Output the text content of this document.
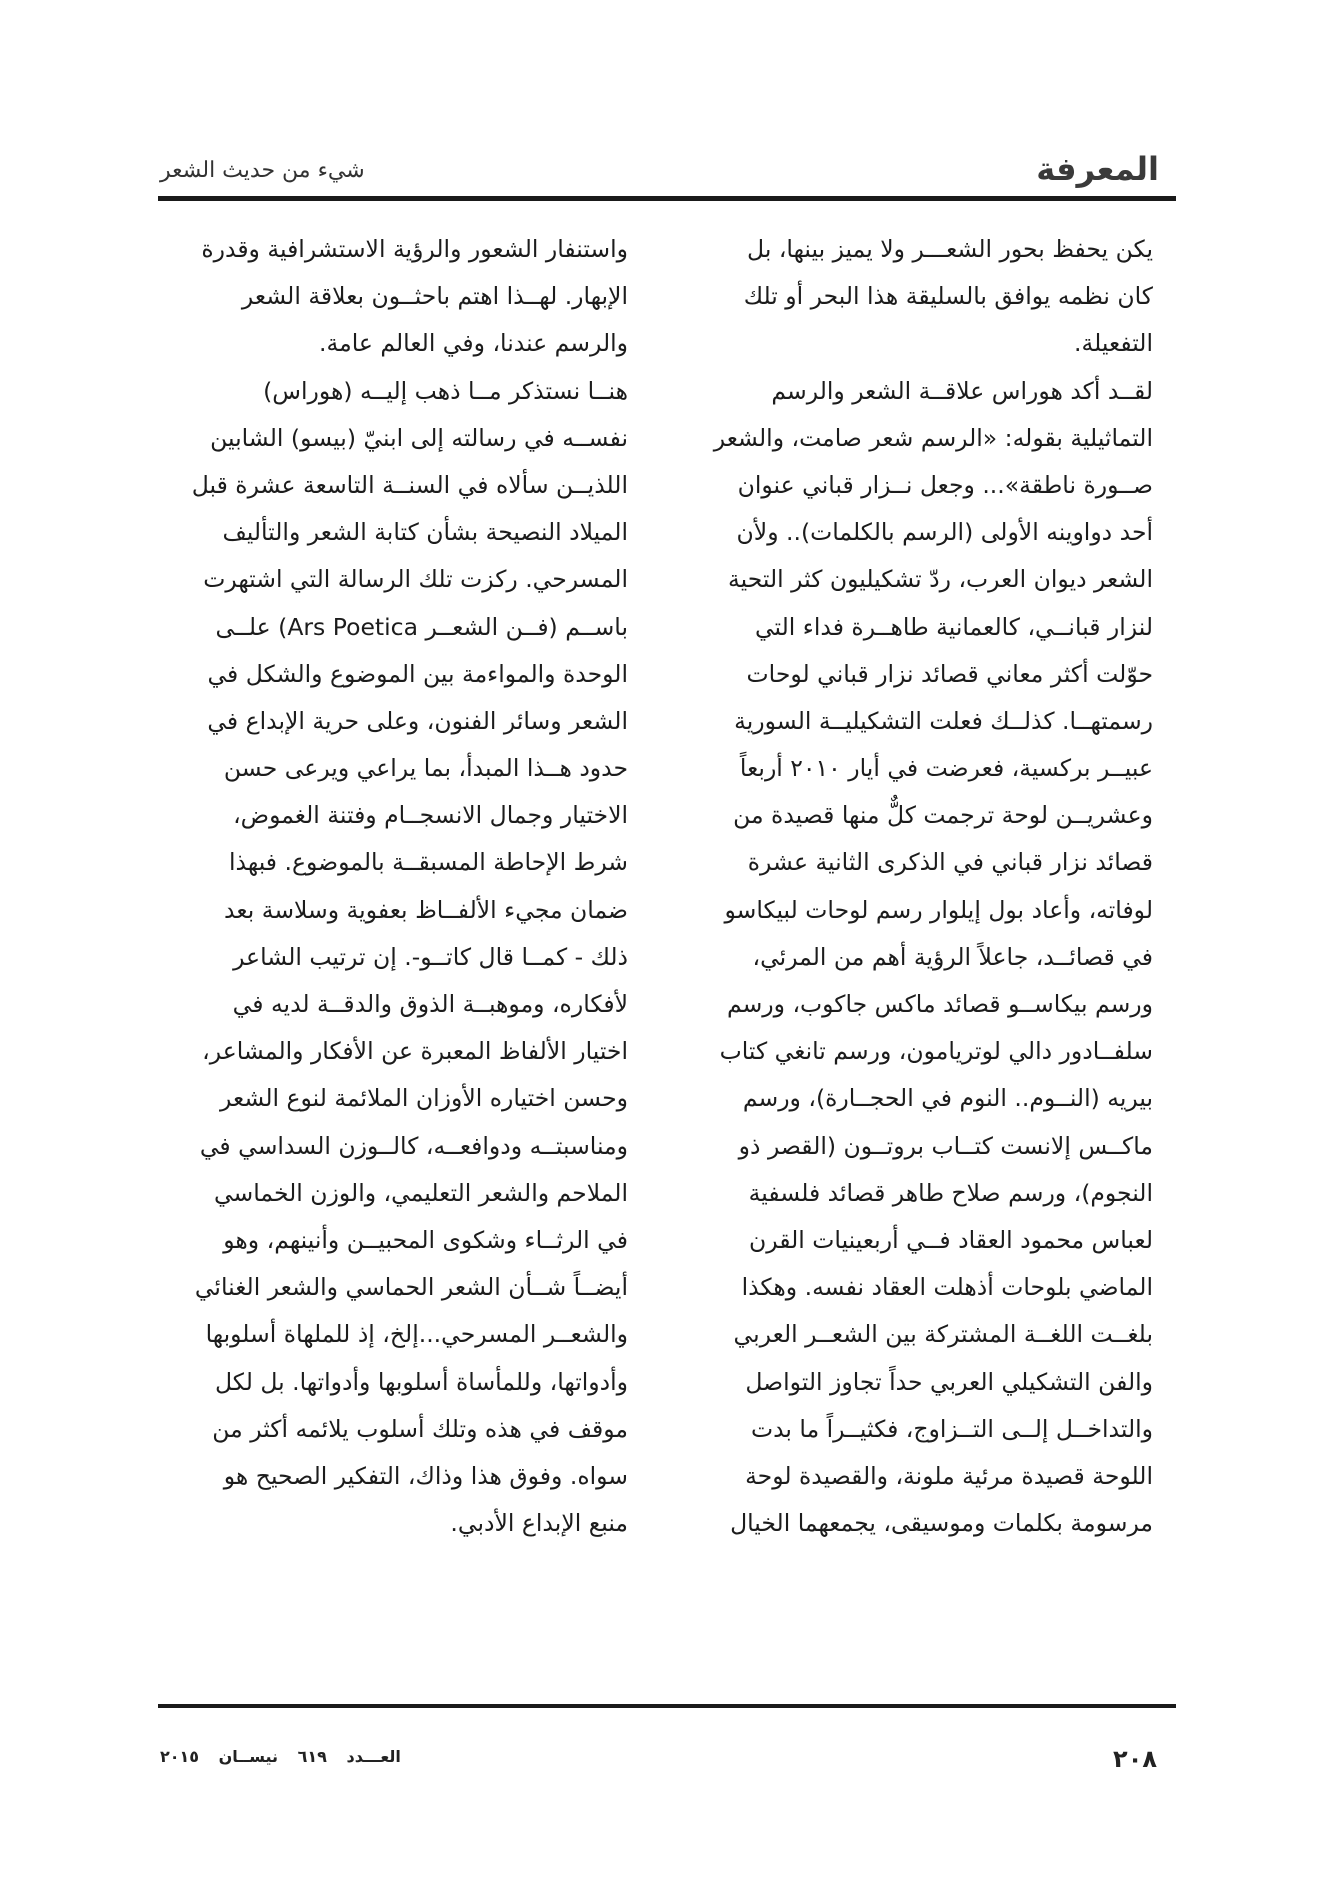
المعرفة
شيء من حديث الشعر
يكن يحفظ بحور الشعـــر ولا يميز بينها، بل
كان نظمه يوافق بالسليقة هذا البحر أو تلك
التفعيلة.
لقــد أكد هوراس علاقــة الشعر والرسم
التماثيلية بقوله: «الرسم شعر صامت، والشعر
صــورة ناطقة»... وجعل نــزار قباني عنوان
أحد دواوينه الأولى (الرسم بالكلمات).. ولأن
الشعر ديوان العرب، ردّ تشكيليون كثر التحية
لنزار قبانــي، كالعمانية طاهــرة فداء التي
حوّلت أكثر معاني قصائد نزار قباني لوحات
رسمتهــا. كذلــك فعلت التشكيليــة السورية
عبيــر بركسية، فعرضت في أيار ٢٠١٠ أربعاً
وعشريــن لوحة ترجمت كلٌّ منها قصيدة من
قصائد نزار قباني في الذكرى الثانية عشرة
لوفاته، وأعاد بول إيلوار رسم لوحات لبيكاسو
في قصائــد، جاعلاً الرؤية أهم من المرئي،
ورسم بيكاســو قصائد ماكس جاكوب، ورسم
سلفــادور دالي لوتريامون، ورسم تانغي كتاب
بيريه (النــوم.. النوم في الحجــارة)، ورسم
ماكــس إلانست كتــاب بروتــون (القصر ذو
النجوم)، ورسم صلاح طاهر قصائد فلسفية
لعباس محمود العقاد فــي أربعينيات القرن
الماضي بلوحات أذهلت العقاد نفسه. وهكذا
بلغــت اللغــة المشتركة بين الشعــر العربي
والفن التشكيلي العربي حداً تجاوز التواصل
والتداخــل إلــى التــزاوج، فكثيــراً ما بدت
اللوحة قصيدة مرئية ملونة، والقصيدة لوحة
مرسومة بكلمات وموسيقى، يجمعهما الخيال
واستنفار الشعور والرؤية الاستشرافية وقدرة
الإبهار. لهــذا اهتم باحثــون بعلاقة الشعر
والرسم عندنا، وفي العالم عامة.
هنــا نستذكر مــا ذهب إليــه (هوراس)
نفســه في رسالته إلى ابنيّ (بيسو) الشابين
اللذيــن سألاه في السنــة التاسعة عشرة قبل
الميلاد النصيحة بشأن كتابة الشعر والتأليف
المسرحي. ركزت تلك الرسالة التي اشتهرت
باســم (فــن الشعــر Ars Poetica) علــى
الوحدة والمواءمة بين الموضوع والشكل في
الشعر وسائر الفنون، وعلى حرية الإبداع في
حدود هــذا المبدأ، بما يراعي ويرعى حسن
الاختيار وجمال الانسجــام وفتنة الغموض،
شرط الإحاطة المسبقــة بالموضوع. فبهذا
ضمان مجيء الألفــاظ بعفوية وسلاسة بعد
ذلك - كمــا قال كاتــو-. إن ترتيب الشاعر
لأفكاره، وموهبــة الذوق والدقــة لديه في
اختيار الألفاظ المعبرة عن الأفكار والمشاعر،
وحسن اختياره الأوزان الملائمة لنوع الشعر
ومناسبتــه ودوافعــه، كالــوزن السداسي في
الملاحم والشعر التعليمي، والوزن الخماسي
في الرثــاء وشكوى المحبيــن وأنينهم، وهو
أيضــاً شــأن الشعر الحماسي والشعر الغنائي
والشعــر المسرحي...إلخ، إذ للملهاة أسلوبها
وأدواتها، وللمأساة أسلوبها وأدواتها. بل لكل
موقف في هذه وتلك أسلوب يلائمه أكثر من
سواه. وفوق هذا وذاك، التفكير الصحيح هو
منبع الإبداع الأدبي.
٢٠٨
العـــدد ٦١٩ نيســان ٢٠١٥
